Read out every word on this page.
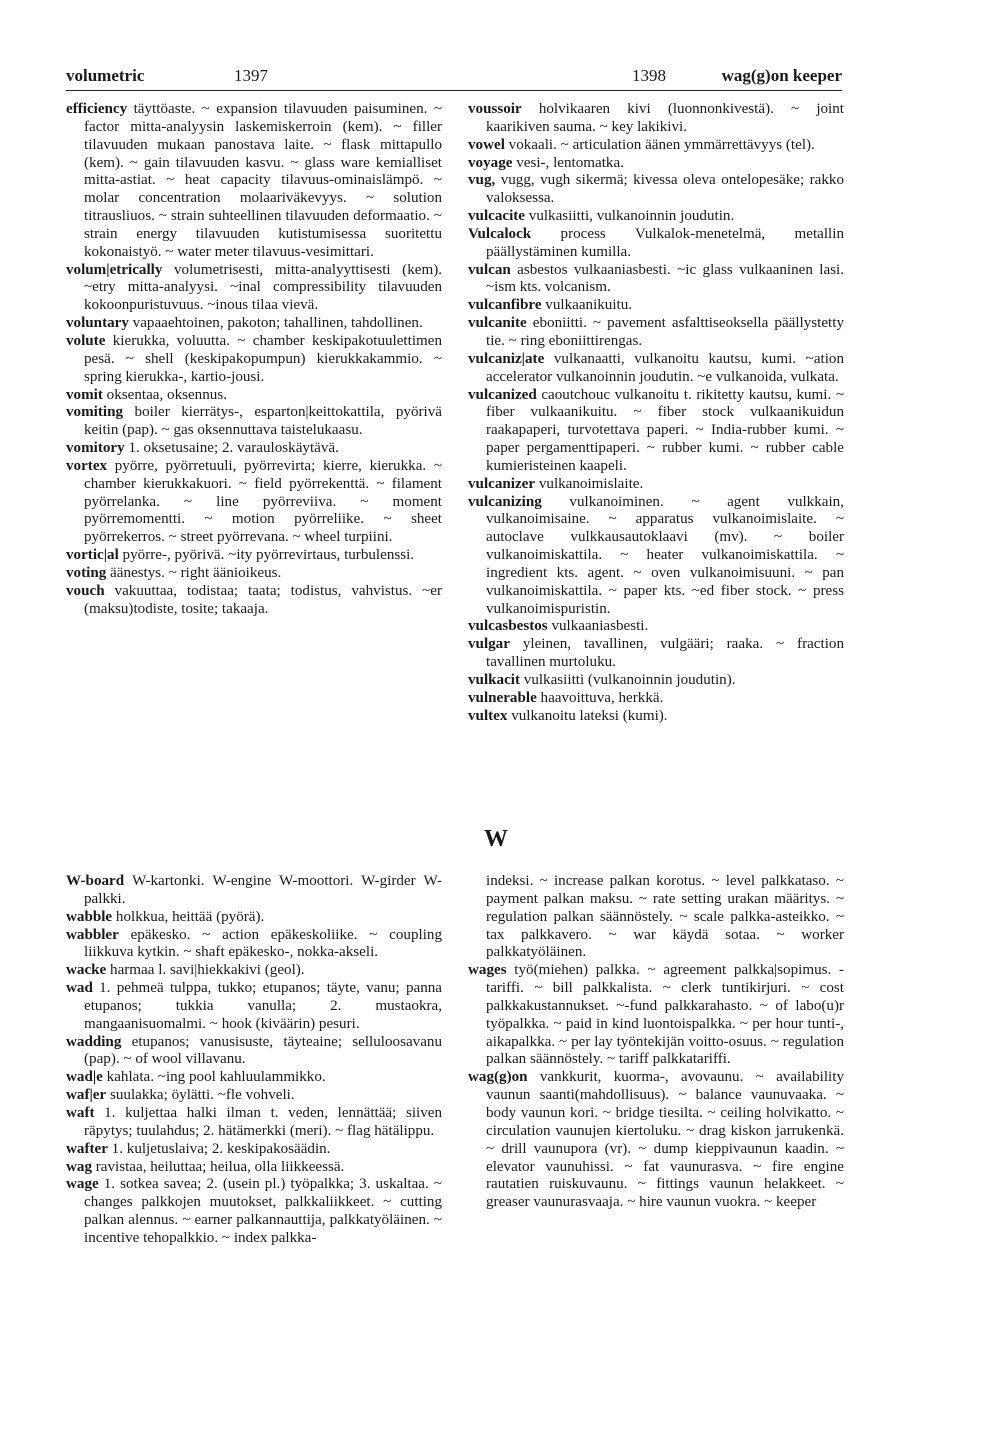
volumetric	1397	1398	wag(g)on keeper

efficiency täyttöaste. ~ expansion tilavuuden paisuminen. ~ factor mitta-analyysin laskemiskerroin (kem). ~ filler tilavuuden mukaan panostava laite. ~ flask mittapullo (kem). ~ gain tilavuuden kasvu. ~ glass ware kemialliset mitta-astiat. ~ heat capacity tilavuus-ominaislämpö. ~ molar concentration molaariväkevyys. ~ solution titrausliuos. ~ strain suhteellinen tilavuuden deformaatio. ~ strain energy tilavuuden kutistumisessa suoritettu kokonaistyö. ~ water meter tilavuus-vesimittari.

volum|etrically volumetrisesti, mitta-analyyttisesti (kem). ~etry mitta-analyysi. ~inal compressibility tilavuuden kokoonpuristuvuus. ~inous tilaa vievä.

voluntary vapaaehtoinen, pakoton; tahallinen, tahdollinen.

volute kierukka, voluutta. ~ chamber keskipakotuulettimen pesä. ~ shell (keskipakopumpun) kierukkakammio. ~ spring kierukka-, kartio-jousi.

vomit oksentaa, oksennus.

vomiting boiler kierrätys-, esparton|keittokattila, pyörivä keitin (pap). ~ gas oksennuttava taistelukaasu.

vomitory 1. oksetusaine; 2. varauloskäytävä.

vortex pyörre, pyörretuuli, pyörrevirta; kierre, kierukka. ~ chamber kierukkakuori. ~ field pyörrekenttä. ~ filament pyörrelanka. ~ line pyörreviiva. ~ moment pyörremomentti. ~ motion pyörreliike. ~ sheet pyörrekerros. ~ street pyörrevana. ~ wheel turpiini.

vortic|al pyörre-, pyörivä. ~ity pyörrevirtaus, turbulenssi.

voting äänestys. ~ right äänioikeus.

vouch vakuuttaa, todistaa; taata; todistus, vahvistus. ~er (maksu)todiste, tosite; takaaja.

voussoir holvikaaren kivi (luonnonkivestä). ~ joint kaarikiven sauma. ~ key lakikivi.

vowel vokaali. ~ articulation äänen ymmärrettävyys (tel).

voyage vesi-, lentomatka.

vug, vugg, vugh sikermä; kivessa oleva ontelopesäke; rakko valoksessa.

vulcacite vulkasiitti, vulkanoinnin joudutin.

Vulcalock process Vulkalok-menetelmä, metallin päällystäminen kumilla.

vulcan asbestos vulkaaniasbesti. ~ic glass vulkaaninen lasi. ~ism kts. volcanism.

vulcanfibre vulkaanikuitu.

vulcanite eboniitti. ~ pavement asfalttiseoksella päällystetty tie. ~ ring eboniittirengas.

vulcaniz|ate vulkanaatti, vulkanoitu kautsu, kumi. ~ation accelerator vulkanoinnin joudutin. ~e vulkanoida, vulkata.

vulcanized caoutchouc vulkanoitu t. rikitetty kautsu, kumi. ~ fiber vulkaanikuitu. ~ fiber stock vulkaanikuidun raakapaperi, turvotettava paperi. ~ India-rubber kumi. ~ paper pergamenttipaperi. ~ rubber kumi. ~ rubber cable kumieristeinen kaapeli.

vulcanizer vulkanoimislaite.

vulcanizing vulkanoiminen. ~ agent vulkkain, vulkanoimisaine. ~ apparatus vulkanoimislaite. ~ autoclave vulkkausautoklaavi (mv). ~ boiler vulkanoimiskattila. ~ heater vulkanoimiskattila. ~ ingredient kts. agent. ~ oven vulkanoimisuuni. ~ pan vulkanoimiskattila. ~ paper kts. ~ed fiber stock. ~ press vulkanoimispuristin.

vulcasbestos vulkaaniasbesti.

vulgar yleinen, tavallinen, vulgääri; raaka. ~ fraction tavallinen murtoluku.

vulkacit vulkasiitti (vulkanoinnin joudutin).

vulnerable haavoittuva, herkkä.

vultex vulkanoitu lateksi (kumi).

W

W-board W-kartonki. W-engine W-moottori. W-girder W-palkki.

wabble holkkua, heittää (pyörä).

wabbler epäkesko. ~ action epäkeskoliike. ~ coupling liikkuva kytkin. ~ shaft epäkesko-, nokka-akseli.

wacke harmaa l. savi|hiekkakivi (geol).

wad 1. pehmeä tulppa, tukko; etupanos; täyte, vanu; panna etupanos; tukkia vanulla; 2. mustaokra, mangaanisuomalmi. ~ hook (kiväärin) pesuri.

wadding etupanos; vanusisuste, täyteaine; selluloosavanu (pap). ~ of wool villavanu.

wad|e kahlata. ~ing pool kahluulammikko.

waf|er suulakka; öylätti. ~fle vohveli.

waft 1. kuljettaa halki ilman t. veden, lennättää; siiven räpytys; tuulahdus; 2. hätämerkki (meri). ~ flag hätälippu.

wafter 1. kuljetuslaiva; 2. keskipakosäädin.

wag ravistaa, heiluttaa; heilua, olla liikkeessä.

wage 1. sotkea savea; 2. (usein pl.) työpalkka; 3. uskaltaa. ~ changes palkkojen muutokset, palkkaliikkeet. ~ cutting palkan alennus. ~ earner palkannauttija, palkkatyöläinen. ~ incentive tehopalkkio. ~ index palkka-

indeksi. ~ increase palkan korotus. ~ level palkkataso. ~ payment palkan maksu. ~ rate setting urakan määritys. ~ regulation palkan säännöstely. ~ scale palkka-asteikko. ~ tax palkkavero. ~ war käydä sotaa. ~ worker palkkatyöläinen.

wages työ(miehen) palkka. ~ agreement palkka|sopimus. -tariffi. ~ bill palkkalista. ~ clerk tuntikirjuri. ~ cost palkkakustannukset. ~-fund palkkarahasto. ~ of labo(u)r työpalkka. ~ paid in kind luontoispalkka. ~ per hour tunti-, aikapalkka. ~ per lay työntekijän voitto-osuus. ~ regulation palkan säännöstely. ~ tariff palkkatariffi.

wag(g)on vankkurit, kuorma-, avovaunu. ~ availability vaunun saanti(mahdollisuus). ~ balance vaunuvaaka. ~ body vaunun kori. ~ bridge tiesilta. ~ ceiling holvikatto. ~ circulation vaunujen kiertoluku. ~ drag kiskon jarrukenkä. ~ drill vaunupora (vr). ~ dump kieppivaunun kaadin. ~ elevator vaunuhissi. ~ fat vaunurasva. ~ fire engine rautatien ruiskuvaunu. ~ fittings vaunun helakkeet. ~ greaser vaunurasvaaja. ~ hire vaunun vuokra. ~ keeper
